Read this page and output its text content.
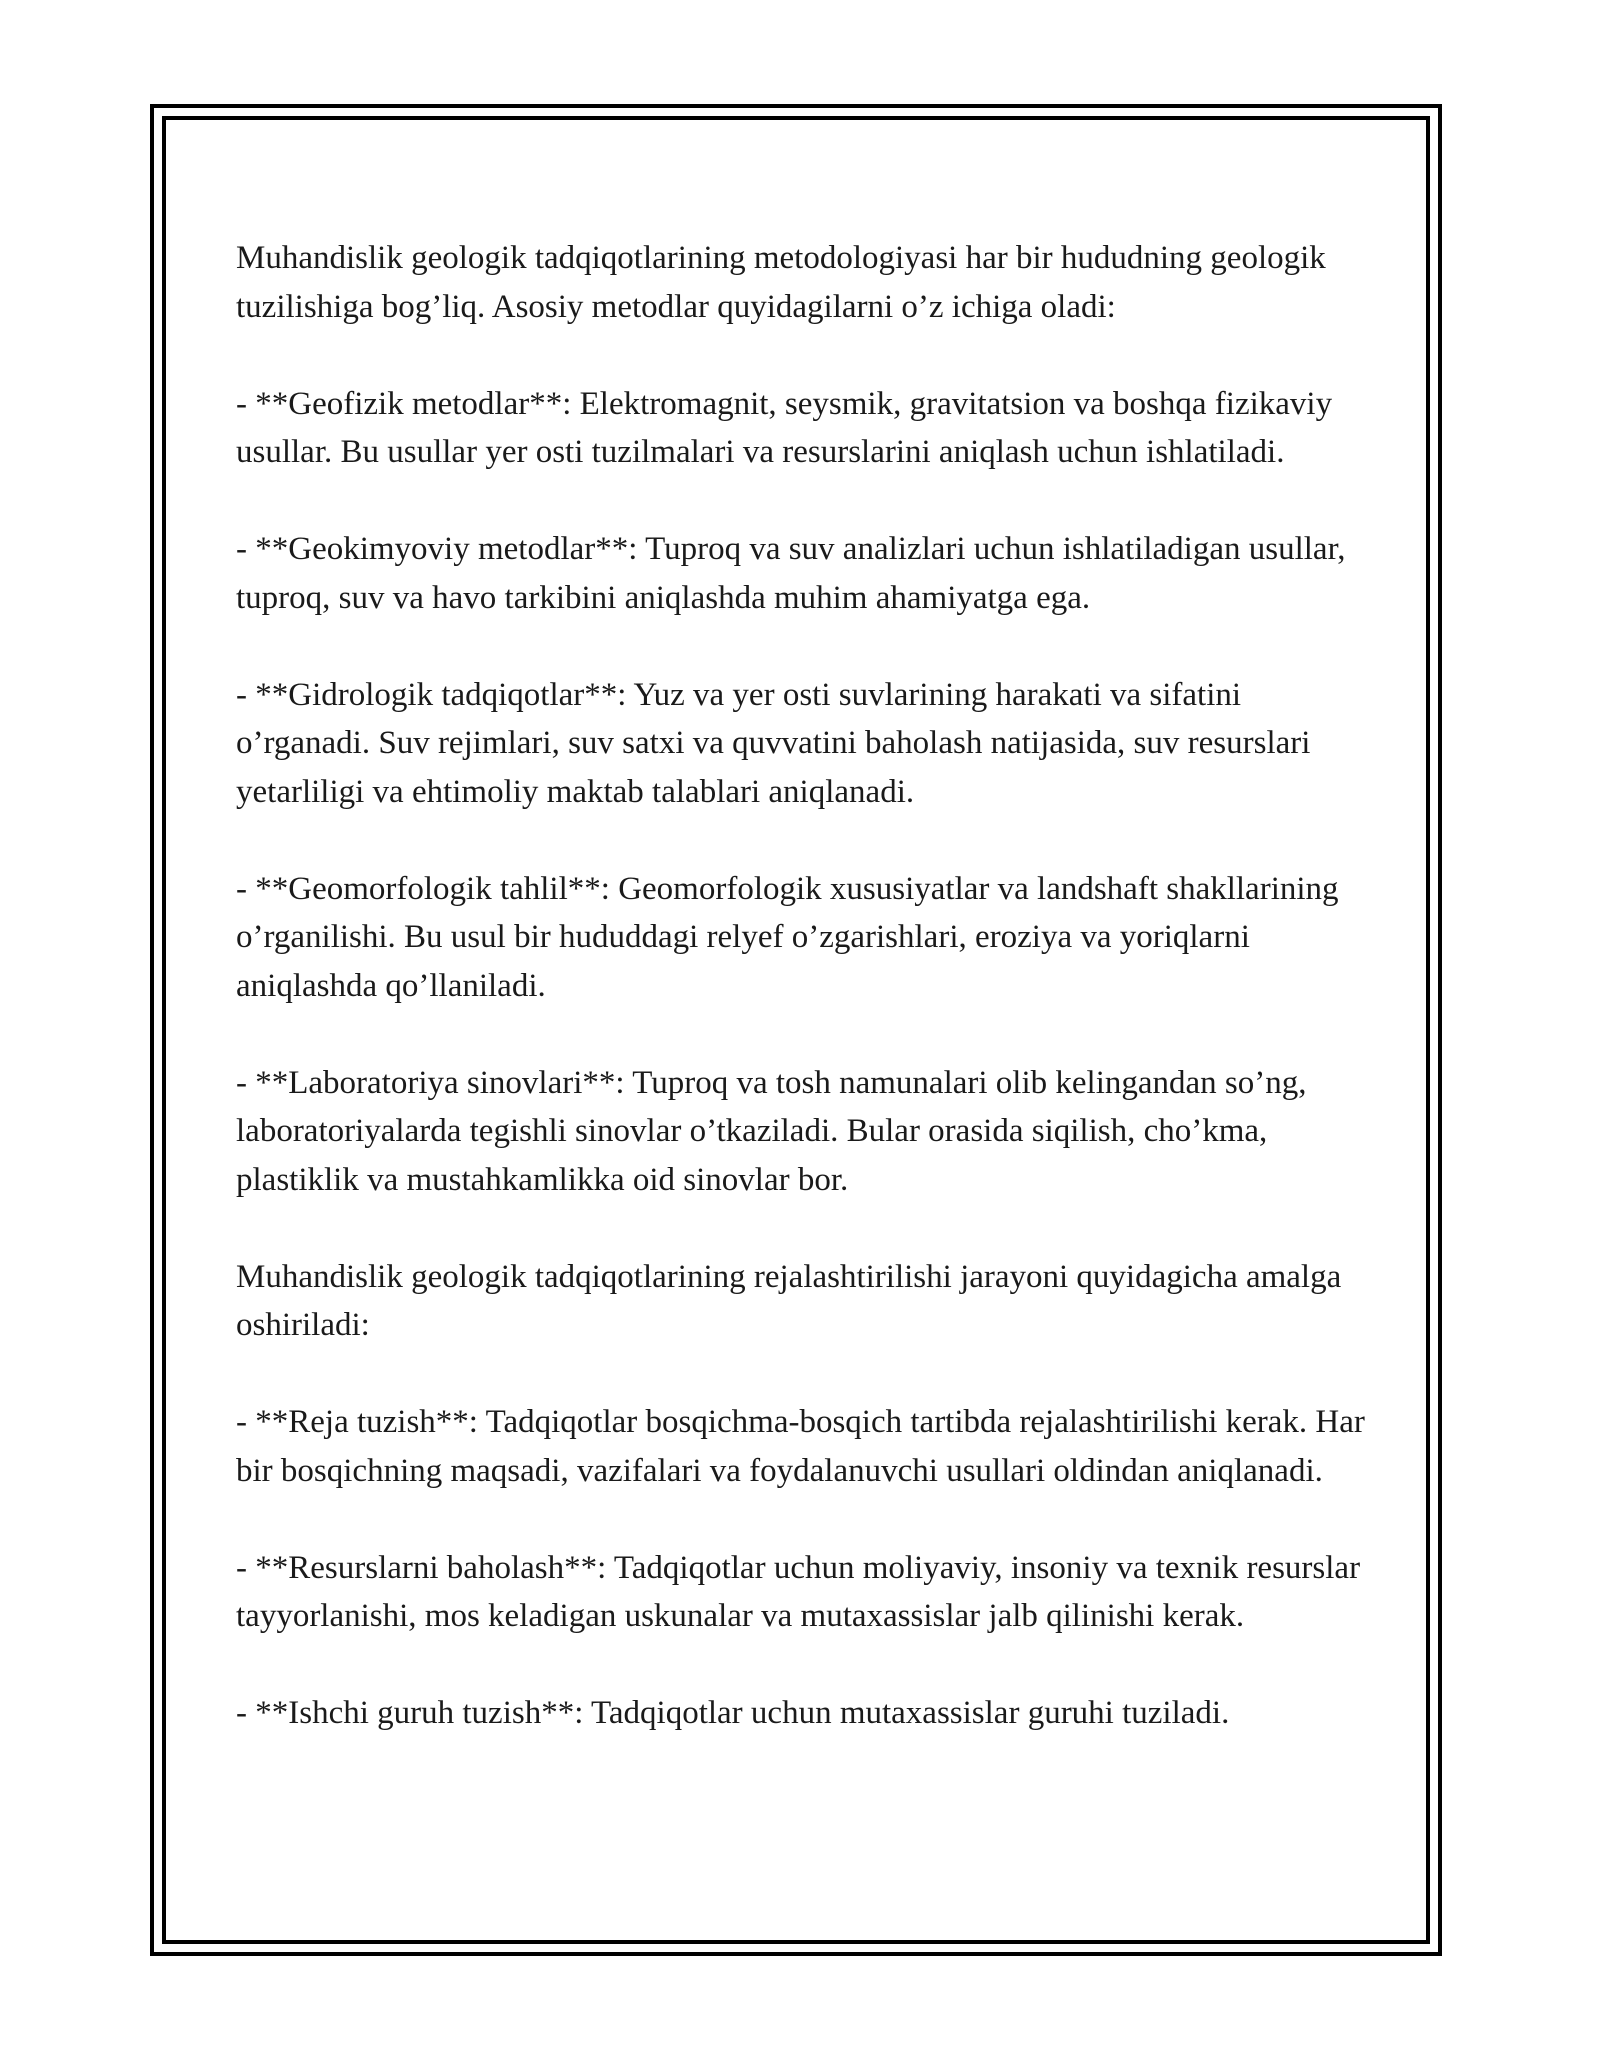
Muhandislik geologik tadqiqotlarining metodologiyasi har bir hududning geologik tuzilishiga bog’liq. Asosiy metodlar quyidagilarni o’z ichiga oladi:

- **Geofizik metodlar**: Elektromagnit, seysmik, gravitatsion va boshqa fizikaviy usullar. Bu usullar yer osti tuzilmalari va resurslarini aniqlash uchun ishlatiladi.

- **Geokimyoviy metodlar**: Tuproq va suv analizlari uchun ishlatiladigan usullar, tuproq, suv va havo tarkibini aniqlashda muhim ahamiyatga ega.

- **Gidrologik tadqiqotlar**: Yuz va yer osti suvlarining harakati va sifatini o’rganadi. Suv rejimlari, suv satxi va quvvatini baholash natijasida, suv resurslari yetarliligi va ehtimoliy maktab talablari aniqlanadi.

- **Geomorfologik tahlil**: Geomorfologik xususiyatlar va landshaft shakllarining o’rganilishi. Bu usul bir hududdagi relyef o’zgarishlari, eroziya va yoriqlarni aniqlashda qo’llaniladi.

- **Laboratoriya sinovlari**: Tuproq va tosh namunalari olib kelingandan so’ng, laboratoriyalarda tegishli sinovlar o’tkaziladi. Bular orasida siqilish, cho’kma, plastiklik va mustahkamlikka oid sinovlar bor.

Muhandislik geologik tadqiqotlarining rejalashtirilishi jarayoni quyidagicha amalga oshiriladi:

- **Reja tuzish**: Tadqiqotlar bosqichma-bosqich tartibda rejalashtirilishi kerak. Har bir bosqichning maqsadi, vazifalari va foydalanuvchi usullari oldindan aniqlanadi.

- **Resurslarni baholash**: Tadqiqotlar uchun moliyaviy, insoniy va texnik resurslar tayyorlanishi, mos keladigan uskunalar va mutaxassislar jalb qilinishi kerak.

- **Ishchi guruh tuzish**: Tadqiqotlar uchun mutaxassislar guruhi tuziladi.
